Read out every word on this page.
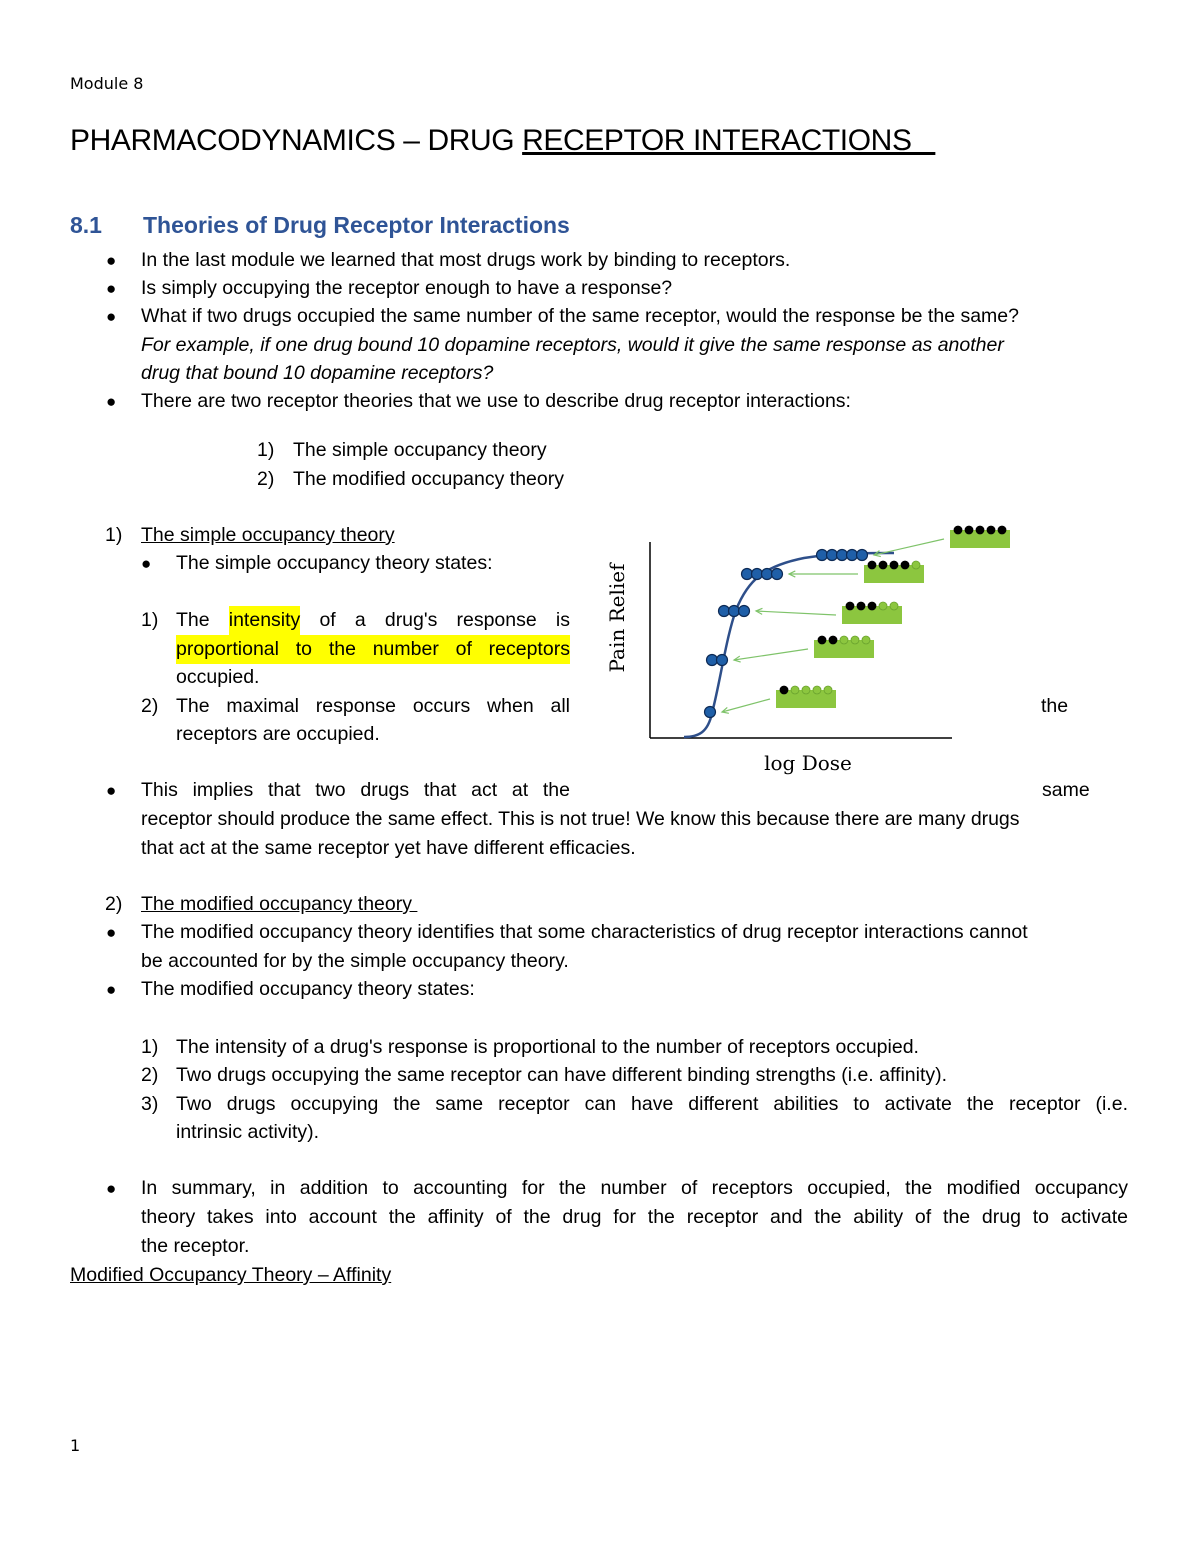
Module 8
PHARMACODYNAMICS – DRUG RECEPTOR INTERACTIONS
8.1 Theories of Drug Receptor Interactions
● In the last module we learned that most drugs work by binding to receptors.
● Is simply occupying the receptor enough to have a response?
● What if two drugs occupied the same number of the same receptor, would the response be the same?
For example, if one drug bound 10 dopamine receptors, would it give the same response as another
drug that bound 10 dopamine receptors?
● There are two receptor theories that we use to describe drug receptor interactions:
1) The simple occupancy theory
2) The modified occupancy theory
1) The simple occupancy theory
● The simple occupancy theory states:
1) The intensity of a drug's response is
proportional to the number of receptors
occupied.
2) The maximal response occurs when all	the
receptors are occupied.
● This implies that two drugs that act at the	same
receptor should produce the same effect. This is not true! We know this because there are many drugs
that act at the same receptor yet have different efficacies.
Pain Relief
log Dose
2) The modified occupancy theory
● The modified occupancy theory identifies that some characteristics of drug receptor interactions cannot
be accounted for by the simple occupancy theory.
● The modified occupancy theory states:
1) The intensity of a drug's response is proportional to the number of receptors occupied.
2) Two drugs occupying the same receptor can have different binding strengths (i.e. affinity).
3) Two drugs occupying the same receptor can have different abilities to activate the receptor (i.e.
intrinsic activity).
● In summary, in addition to accounting for the number of receptors occupied, the modified occupancy
theory takes into account the affinity of the drug for the receptor and the ability of the drug to activate
the receptor.
Modified Occupancy Theory – Affinity
1
